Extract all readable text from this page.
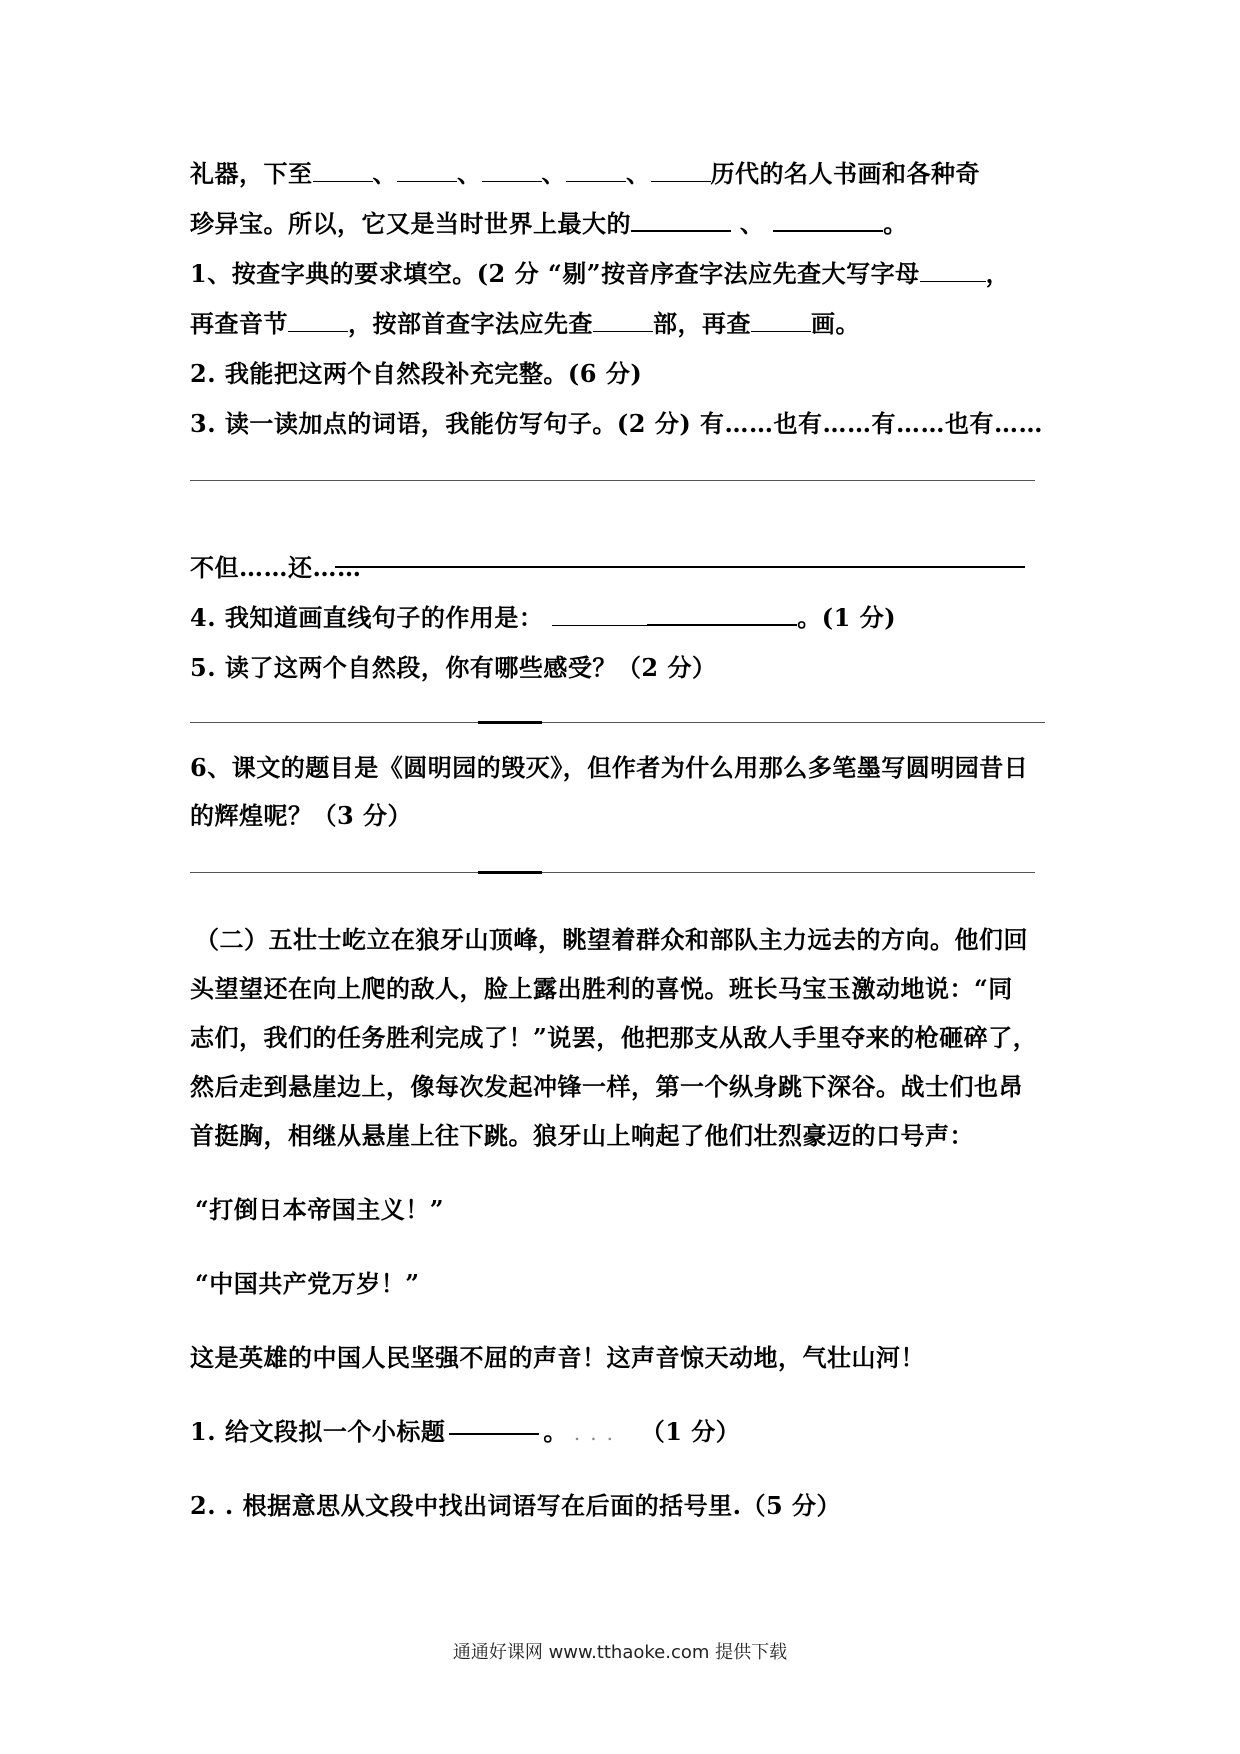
礼器，下至	、	、	、	、	历代的名人书画和各种奇
珍异宝。所以，它又是当时世界上最大的	、	。
1、按查字典的要求填空。(2 分 “剔”按音序查字法应先查大写字母	，
再查音节	，按部首查字法应先查	部，再查	画。
2. 我能把这两个自然段补充完整。(6 分)
3. 读一读加点的词语，我能仿写句子。(2 分) 有……也有……有……也有……
不但……还……
4. 我知道画直线句子的作用是：	。(1 分)
5. 读了这两个自然段，你有哪些感受？（2 分）
6、课文的题目是《圆明园的毁灭》，但作者为什么用那么多笔墨写圆明园昔日
的辉煌呢？（3 分）
（二）五壮士屹立在狼牙山顶峰，眺望着群众和部队主力远去的方向。他们回
头望望还在向上爬的敌人，脸上露出胜利的喜悦。班长马宝玉激动地说：“同
志们，我们的任务胜利完成了！”说罢，他把那支从敌人手里夺来的枪砸碎了，
然后走到悬崖边上，像每次发起冲锋一样，第一个纵身跳下深谷。战士们也昂
首挺胸，相继从悬崖上往下跳。狼牙山上响起了他们壮烈豪迈的口号声：
“打倒日本帝国主义！”
“中国共产党万岁！”
这是英雄的中国人民坚强不屈的声音！这声音惊天动地，气壮山河！
1. 给文段拟一个小标题	。 ... （1 分）
2. . 根据意思从文段中找出词语写在后面的括号里.（5 分）
通通好课网 www.tthaoke.com 提供下载
